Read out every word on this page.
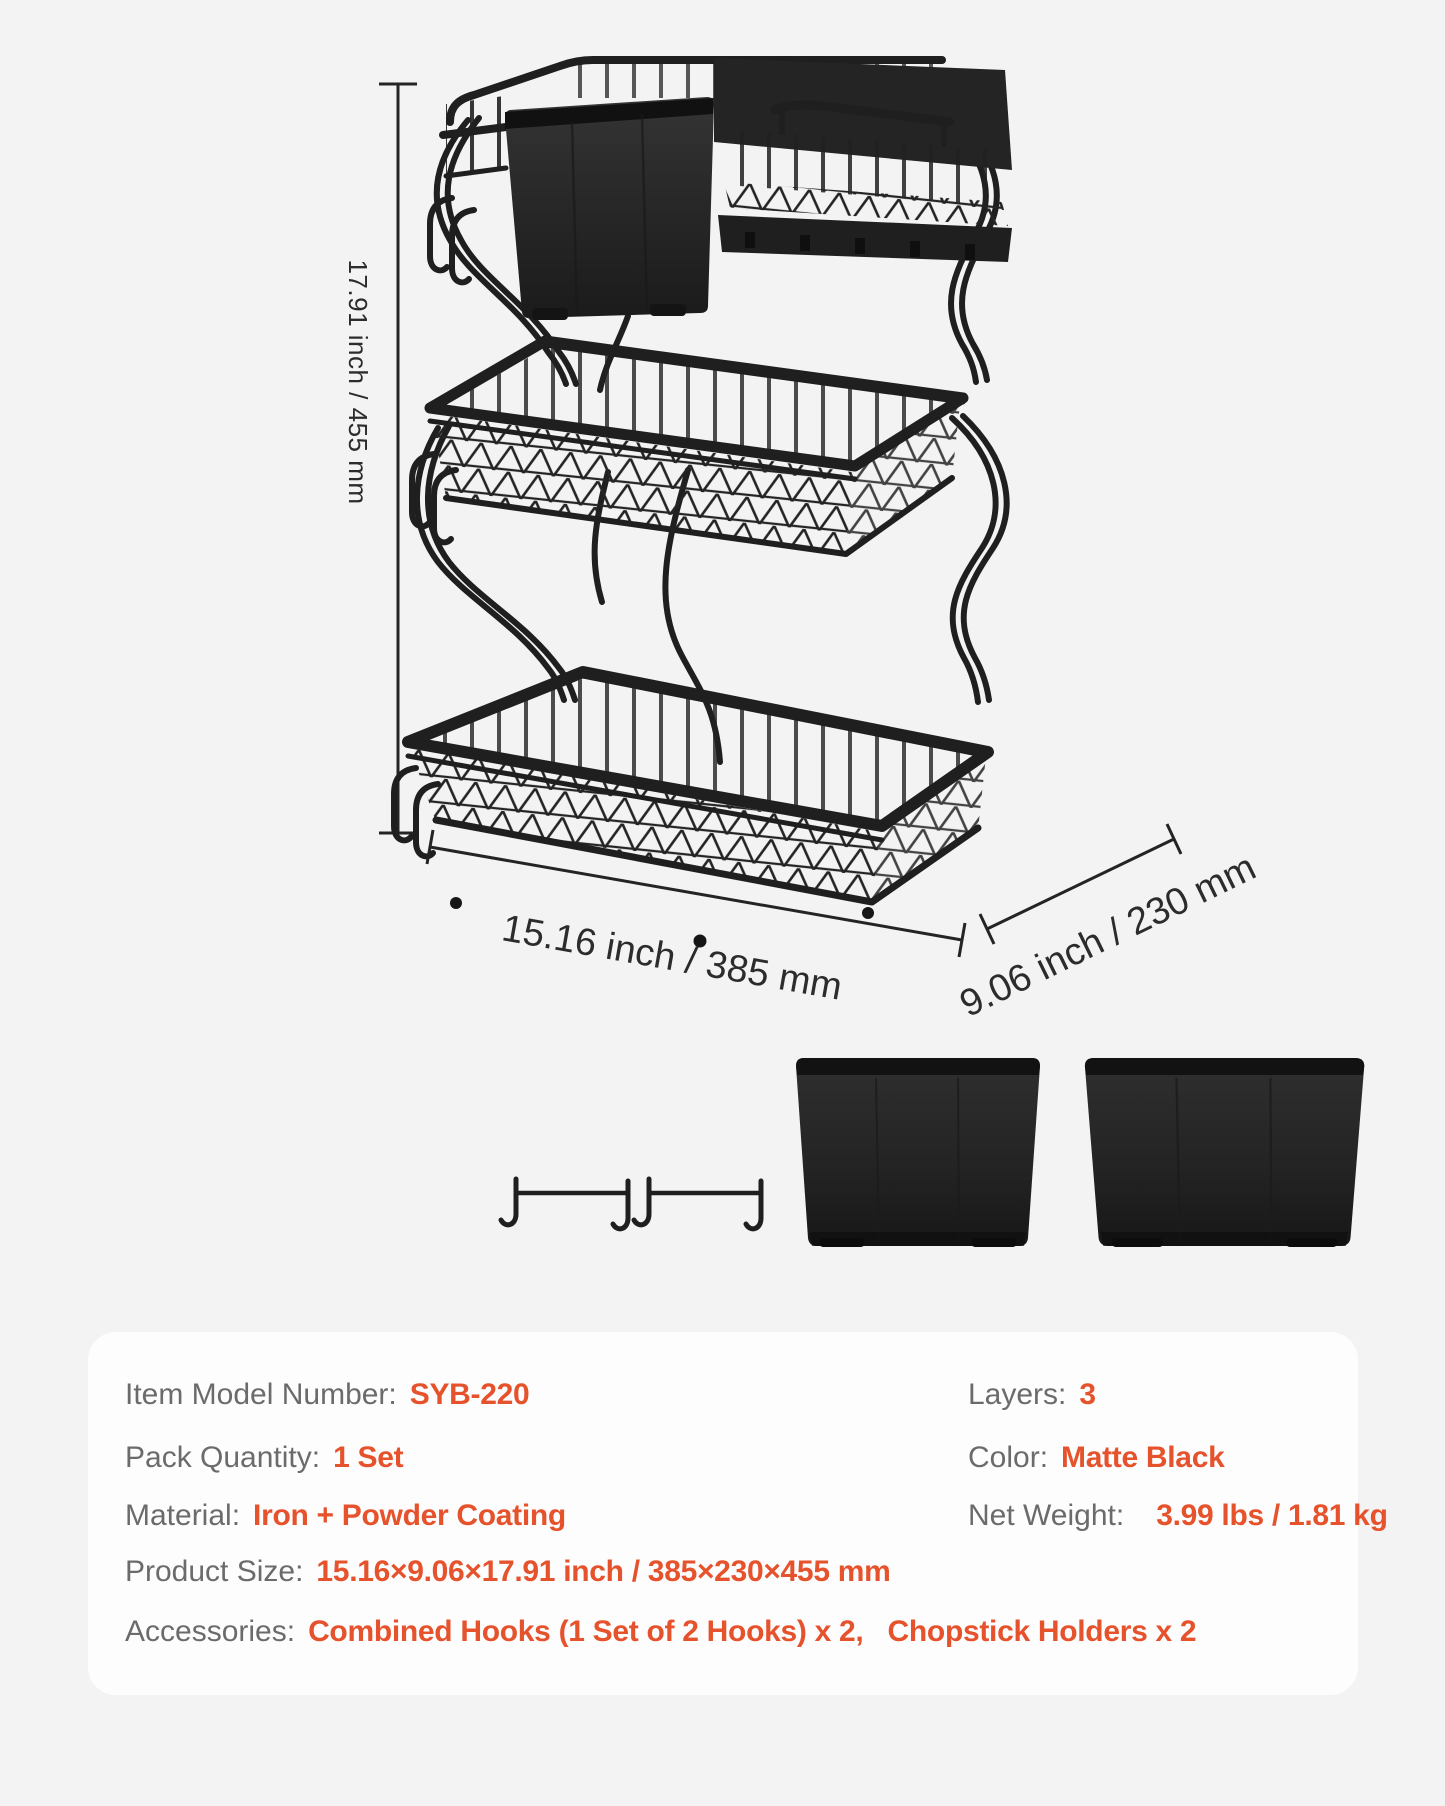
17.91 inch / 455 mm
15.16 inch / 385 mm	9.06 inch / 230 mm
Item Model Number: SYB-220
Pack Quantity: 1 Set
Material: Iron + Powder Coating
Product Size: 15.16×9.06×17.91 inch / 385×230×455 mm
Accessories: Combined Hooks (1 Set of 2 Hooks) x 2,   Chopstick Holders x 2
Layers: 3
Color: Matte Black
Net Weight: 3.99 lbs / 1.81 kg
